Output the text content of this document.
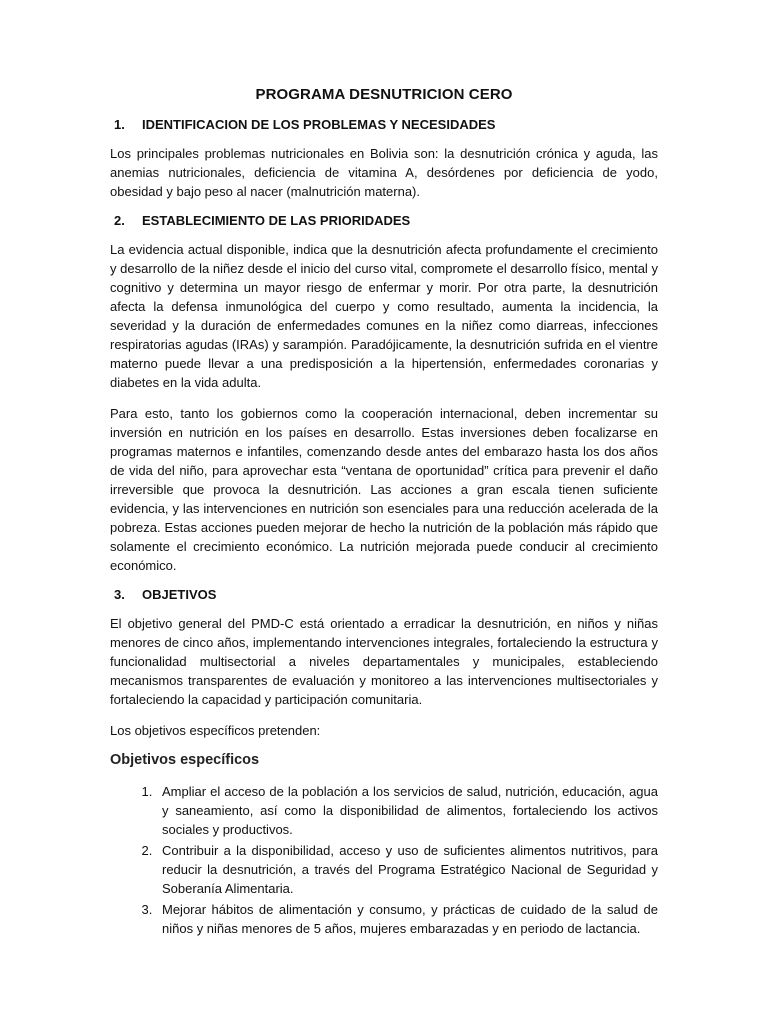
PROGRAMA DESNUTRICION CERO
1.	IDENTIFICACION DE LOS PROBLEMAS Y NECESIDADES

Los principales problemas nutricionales en Bolivia son: la desnutrición crónica y aguda, las anemias nutricionales, deficiencia de vitamina A, desórdenes por deficiencia de yodo, obesidad y bajo peso al nacer (malnutrición materna).

2.	ESTABLECIMIENTO DE LAS PRIORIDADES

La evidencia actual disponible, indica que la desnutrición afecta profundamente el crecimiento y desarrollo de la niñez desde el inicio del curso vital, compromete el desarrollo físico, mental y cognitivo y determina un mayor riesgo de enfermar y morir. Por otra parte, la desnutrición afecta la defensa inmunológica del cuerpo y como resultado, aumenta la incidencia, la severidad y la duración de enfermedades comunes en la niñez como diarreas, infecciones respiratorias agudas (IRAs) y sarampión. Paradójicamente, la desnutrición sufrida en el vientre materno puede llevar a una predisposición a la hipertensión, enfermedades coronarias y diabetes en la vida adulta.

Para esto, tanto los gobiernos como la cooperación internacional, deben incrementar su inversión en nutrición en los países en desarrollo. Estas inversiones deben focalizarse en programas maternos e infantiles, comenzando desde antes del embarazo hasta los dos años de vida del niño, para aprovechar esta “ventana de oportunidad” crítica para prevenir el daño irreversible que provoca la desnutrición. Las acciones a gran escala tienen suficiente evidencia, y las intervenciones en nutrición son esenciales para una reducción acelerada de la pobreza. Estas acciones pueden mejorar de hecho la nutrición de la población más rápido que solamente el crecimiento económico. La nutrición mejorada puede conducir al crecimiento económico.

3.	OBJETIVOS

El objetivo general del PMD-C está orientado a erradicar la desnutrición, en niños y niñas menores de cinco años, implementando intervenciones integrales, fortaleciendo la estructura y funcionalidad multisectorial a niveles departamentales y municipales, estableciendo mecanismos transparentes de evaluación y monitoreo a las intervenciones multisectoriales y fortaleciendo la capacidad y participación comunitaria.

Los objetivos específicos pretenden:

Objetivos específicos
1. Ampliar el acceso de la población a los servicios de salud, nutrición, educación, agua y saneamiento, así como la disponibilidad de alimentos, fortaleciendo los activos sociales y productivos.
2. Contribuir a la disponibilidad, acceso y uso de suficientes alimentos nutritivos, para reducir la desnutrición, a través del Programa Estratégico Nacional de Seguridad y Soberanía Alimentaria.
3. Mejorar hábitos de alimentación y consumo, y prácticas de cuidado de la salud de niños y niñas menores de 5 años, mujeres embarazadas y en periodo de lactancia.
